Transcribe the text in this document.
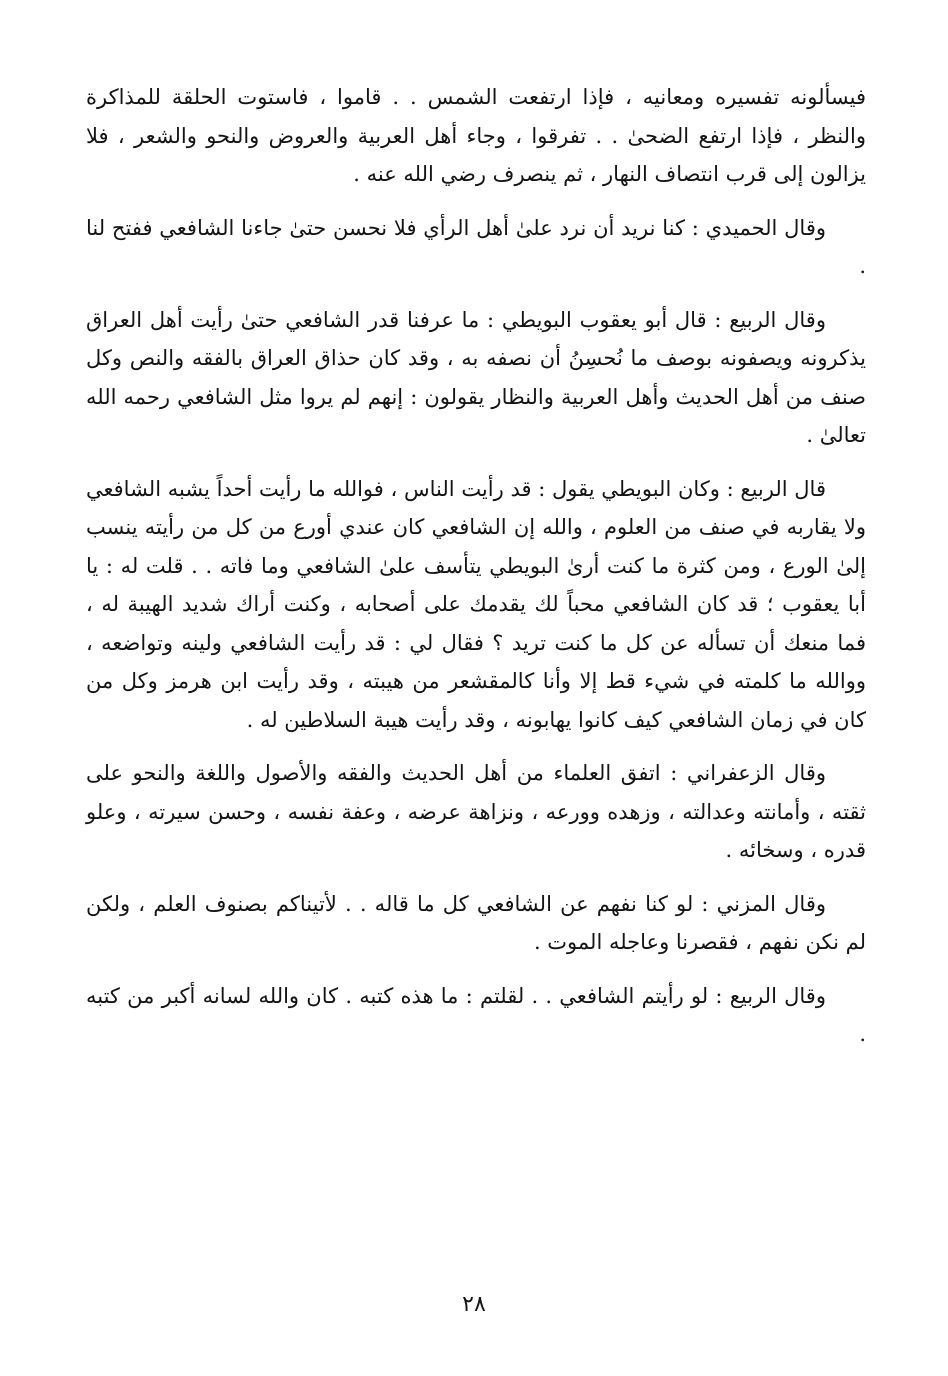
فيسألونه تفسيره ومعانيه ، فإذا ارتفعت الشمس . . قاموا ، فاستوت الحلقة للمذاكرة والنظر ، فإذا ارتفع الضحىٰ . . تفرقوا ، وجاء أهل العربية والعروض والنحو والشعر ، فلا يزالون إلى قرب انتصاف النهار ، ثم ينصرف رضي الله عنه .

وقال الحميدي : كنا نريد أن نرد علىٰ أهل الرأي فلا نحسن حتىٰ جاءنا الشافعي ففتح لنا .

وقال الربيع : قال أبو يعقوب البويطي : ما عرفنا قدر الشافعي حتىٰ رأيت أهل العراق يذكرونه ويصفونه بوصف ما نُحسِنُ أن نصفه به ، وقد كان حذاق العراق بالفقه والنص وكل صنف من أهل الحديث وأهل العربية والنظار يقولون : إنهم لم يروا مثل الشافعي رحمه الله تعالىٰ .

قال الربيع : وكان البويطي يقول : قد رأيت الناس ، فوالله ما رأيت أحداً يشبه الشافعي ولا يقاربه في صنف من العلوم ، والله إن الشافعي كان عندي أورع من كل من رأيته ينسب إلىٰ الورع ، ومن كثرة ما كنت أرىٰ البويطي يتأسف علىٰ الشافعي وما فاته . . قلت له : يا أبا يعقوب ؛ قد كان الشافعي محباً لك يقدمك على أصحابه ، وكنت أراك شديد الهيبة له ، فما منعك أن تسأله عن كل ما كنت تريد ؟ فقال لي : قد رأيت الشافعي ولينه وتواضعه ، ووالله ما كلمته في شيء قط إلا وأنا كالمقشعر من هيبته ، وقد رأيت ابن هرمز وكل من كان في زمان الشافعي كيف كانوا يهابونه ، وقد رأيت هيبة السلاطين له .

وقال الزعفراني : اتفق العلماء من أهل الحديث والفقه والأصول واللغة والنحو على ثقته ، وأمانته وعدالته ، وزهده وورعه ، ونزاهة عرضه ، وعفة نفسه ، وحسن سيرته ، وعلو قدره ، وسخائه .

وقال المزني : لو كنا نفهم عن الشافعي كل ما قاله . . لأتيناكم بصنوف العلم ، ولكن لم نكن نفهم ، فقصرنا وعاجله الموت .

وقال الربيع : لو رأيتم الشافعي . . لقلتم : ما هذه كتبه . كان والله لسانه أكبر من كتبه .

٢٨
